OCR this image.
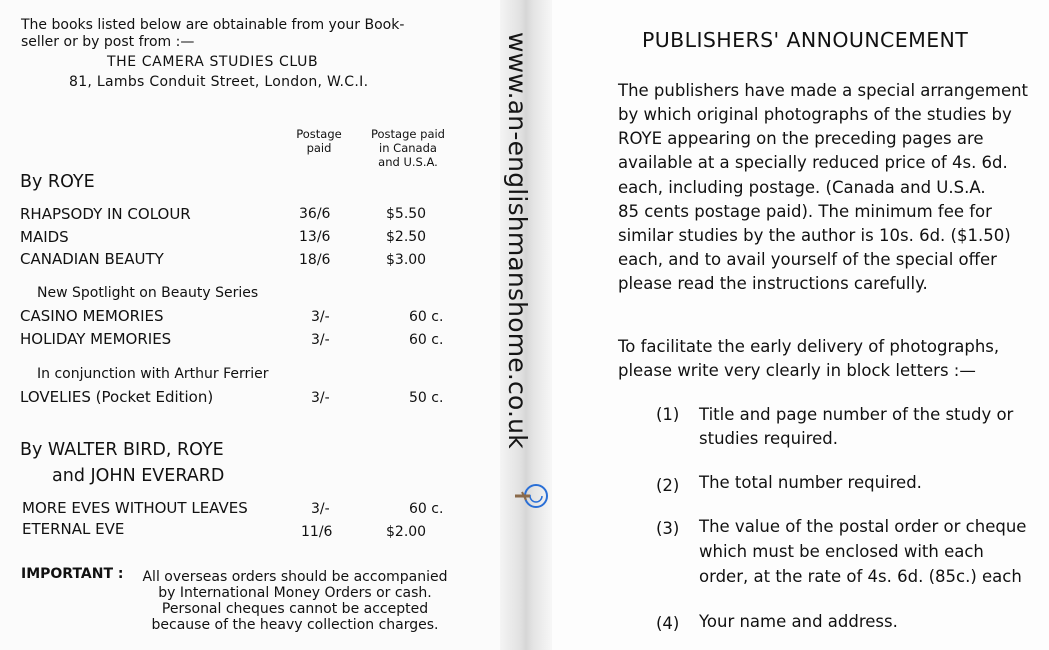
The books listed below are obtainable from your Book-
seller or by post from :—
THE CAMERA STUDIES CLUB
81, Lambs Conduit Street, London, W.C.I.
Postage
paid
Postage paid
in Canada
and U.S.A.
By ROYE
RHAPSODY IN COLOUR	36/6	$5.50
MAIDS	13/6	$2.50
CANADIAN BEAUTY	18/6	$3.00
New Spotlight on Beauty Series
CASINO MEMORIES	3/-	60 c.
HOLIDAY MEMORIES	3/-	60 c.
In conjunction with Arthur Ferrier
LOVELIES (Pocket Edition)	3/-	50 c.
By WALTER BIRD, ROYE
and JOHN EVERARD
MORE EVES WITHOUT LEAVES	3/-	60 c.
ETERNAL EVE	11/6	$2.00
IMPORTANT :	All overseas orders should be accompanied
by International Money Orders or cash.
Personal cheques cannot be accepted
because of the heavy collection charges.
www.an-englishmanshome.co.uk	PUBLISHERS' ANNOUNCEMENT
The publishers have made a special arrangement
by which original photographs of the studies by
ROYE appearing on the preceding pages are
available at a specially reduced price of 4s. 6d.
each, including postage. (Canada and U.S.A.
85 cents postage paid). The minimum fee for
similar studies by the author is 10s. 6d. ($1.50)
each, and to avail yourself of the special offer
please read the instructions carefully.
To facilitate the early delivery of photographs,
please write very clearly in block letters :—
(1) Title and page number of the study or
studies required.
(2) The total number required.
(3) The value of the postal order or cheque
which must be enclosed with each
order, at the rate of 4s. 6d. (85c.) each
(4) Your name and address.
